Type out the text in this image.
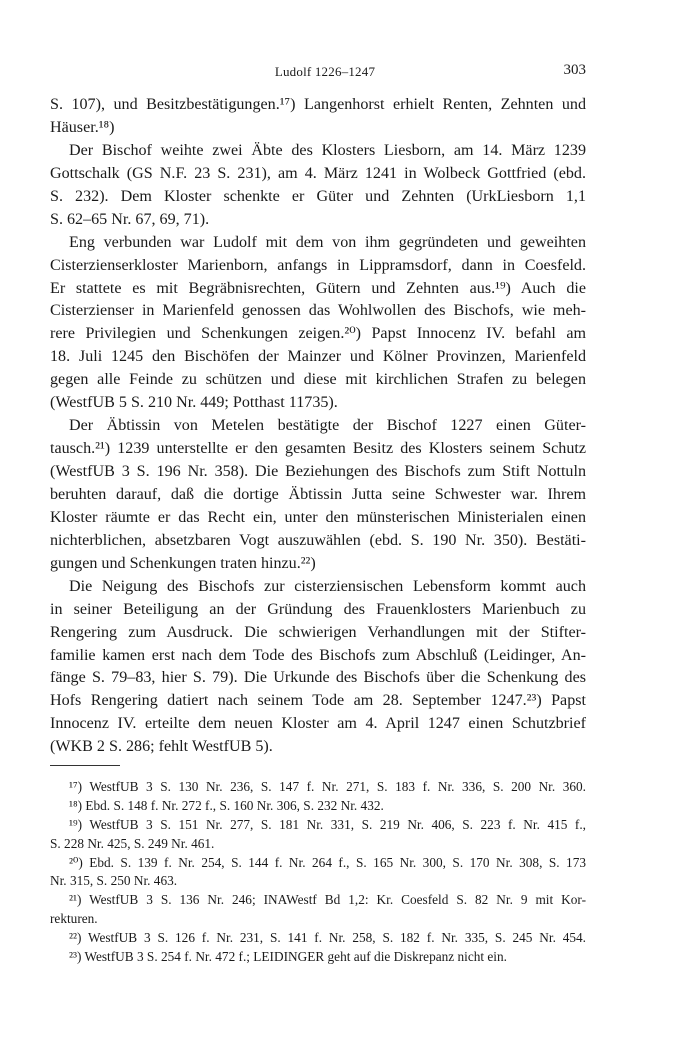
Ludolf 1226–1247	303
S. 107), und Besitzbestätigungen.¹⁷) Langenhorst erhielt Renten, Zehnten und
Häuser.¹⁸)
Der Bischof weihte zwei Äbte des Klosters Liesborn, am 14. März 1239
Gottschalk (GS N.F. 23 S. 231), am 4. März 1241 in Wolbeck Gottfried (ebd.
S. 232). Dem Kloster schenkte er Güter und Zehnten (UrkLiesborn 1,1
S. 62–65 Nr. 67, 69, 71).
Eng verbunden war Ludolf mit dem von ihm gegründeten und geweihten
Cisterzienserkloster Marienborn, anfangs in Lippramsdorf, dann in Coesfeld.
Er stattete es mit Begräbnisrechten, Gütern und Zehnten aus.¹⁹) Auch die
Cisterzienser in Marienfeld genossen das Wohlwollen des Bischofs, wie meh-
rere Privilegien und Schenkungen zeigen.²⁰) Papst Innocenz IV. befahl am
18. Juli 1245 den Bischöfen der Mainzer und Kölner Provinzen, Marienfeld
gegen alle Feinde zu schützen und diese mit kirchlichen Strafen zu belegen
(WestfUB 5 S. 210 Nr. 449; Potthast 11735).
Der Äbtissin von Metelen bestätigte der Bischof 1227 einen Güter-
tausch.²¹) 1239 unterstellte er den gesamten Besitz des Klosters seinem Schutz
(WestfUB 3 S. 196 Nr. 358). Die Beziehungen des Bischofs zum Stift Nottuln
beruhten darauf, daß die dortige Äbtissin Jutta seine Schwester war. Ihrem
Kloster räumte er das Recht ein, unter den münsterischen Ministerialen einen
nichterblichen, absetzbaren Vogt auszuwählen (ebd. S. 190 Nr. 350). Bestäti-
gungen und Schenkungen traten hinzu.²²)
Die Neigung des Bischofs zur cisterziensischen Lebensform kommt auch
in seiner Beteiligung an der Gründung des Frauenklosters Marienbuch zu
Rengering zum Ausdruck. Die schwierigen Verhandlungen mit der Stifter-
familie kamen erst nach dem Tode des Bischofs zum Abschluß (Leidinger, An-
fänge S. 79–83, hier S. 79). Die Urkunde des Bischofs über die Schenkung des
Hofs Rengering datiert nach seinem Tode am 28. September 1247.²³) Papst
Innocenz IV. erteilte dem neuen Kloster am 4. April 1247 einen Schutzbrief
(WKB 2 S. 286; fehlt WestfUB 5).
¹⁷) WestfUB 3 S. 130 Nr. 236, S. 147 f. Nr. 271, S. 183 f. Nr. 336, S. 200 Nr. 360.
¹⁸) Ebd. S. 148 f. Nr. 272 f., S. 160 Nr. 306, S. 232 Nr. 432.
¹⁹) WestfUB 3 S. 151 Nr. 277, S. 181 Nr. 331, S. 219 Nr. 406, S. 223 f. Nr. 415 f.,
S. 228 Nr. 425, S. 249 Nr. 461.
²⁰) Ebd. S. 139 f. Nr. 254, S. 144 f. Nr. 264 f., S. 165 Nr. 300, S. 170 Nr. 308, S. 173
Nr. 315, S. 250 Nr. 463.
²¹) WestfUB 3 S. 136 Nr. 246; INAWestf Bd 1,2: Kr. Coesfeld S. 82 Nr. 9 mit Kor-
rekturen.
²²) WestfUB 3 S. 126 f. Nr. 231, S. 141 f. Nr. 258, S. 182 f. Nr. 335, S. 245 Nr. 454.
²³) WestfUB 3 S. 254 f. Nr. 472 f.; LEIDINGER geht auf die Diskrepanz nicht ein.
